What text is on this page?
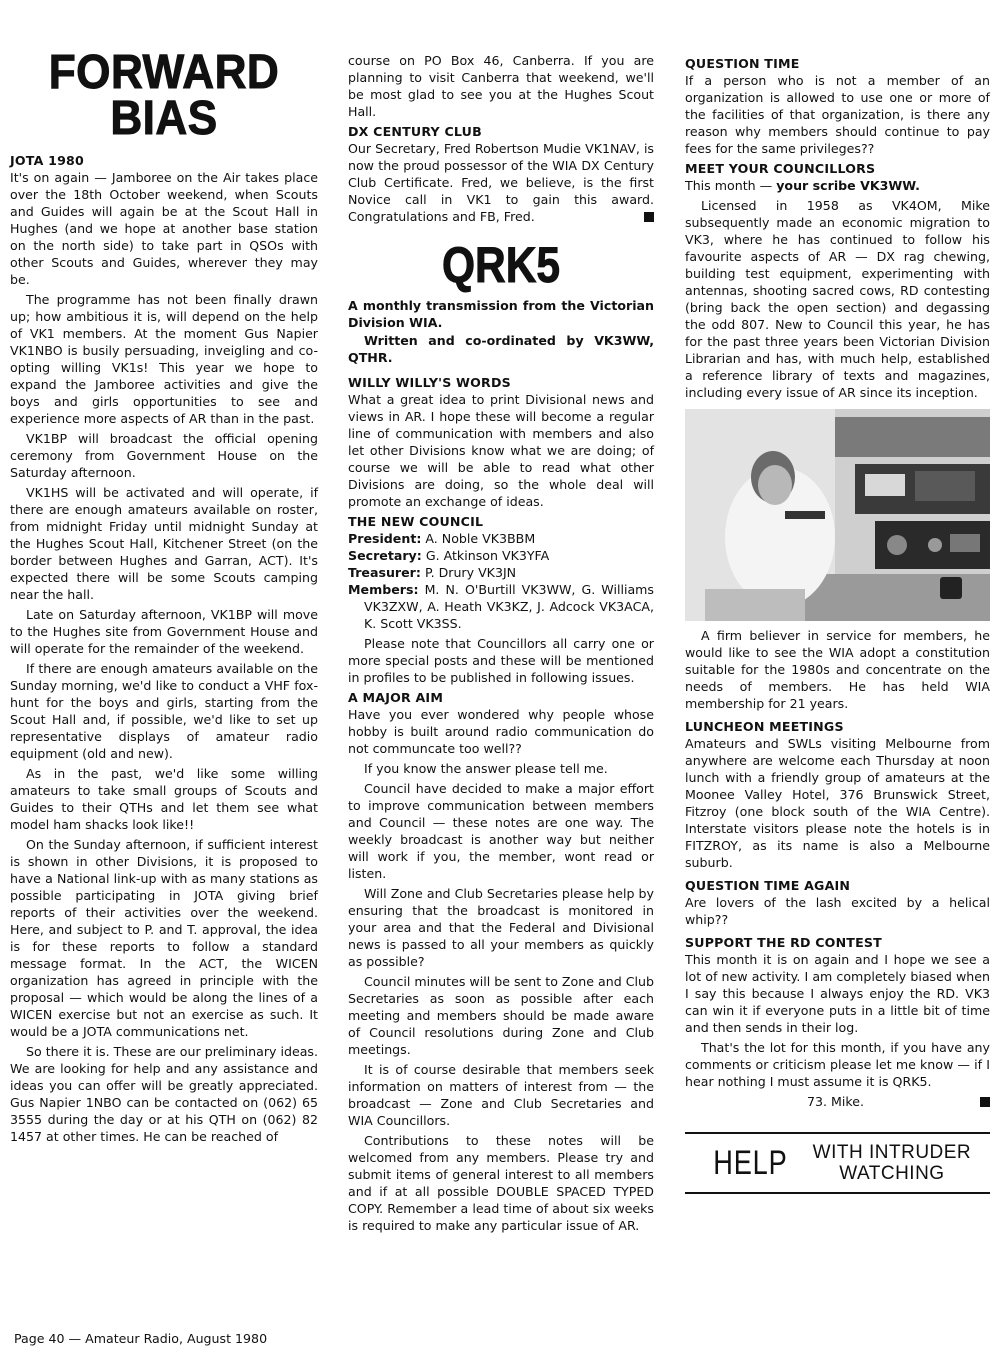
FORWARD
BIAS
JOTA 1980

It's on again — Jamboree on the Air takes place over the 18th October weekend, when Scouts and Guides will again be at the Scout Hall in Hughes (and we hope at another base station on the north side) to take part in QSOs with other Scouts and Guides, wherever they may be.

The programme has not been finally drawn up; how ambitious it is, will depend on the help of VK1 members. At the moment Gus Napier VK1NBO is busily persuading, inveigling and co-opting willing VK1s! This year we hope to expand the Jamboree activities and give the boys and girls opportunities to see and experience more aspects of AR than in the past.

VK1BP will broadcast the official opening ceremony from Government House on the Saturday afternoon.

VK1HS will be activated and will operate, if there are enough amateurs available on roster, from midnight Friday until midnight Sunday at the Hughes Scout Hall, Kitchener Street (on the border between Hughes and Garran, ACT). It's expected there will be some Scouts camping near the hall.

Late on Saturday afternoon, VK1BP will move to the Hughes site from Government House and will operate for the remainder of the weekend.

If there are enough amateurs available on the Sunday morning, we'd like to conduct a VHF fox-hunt for the boys and girls, starting from the Scout Hall and, if possible, we'd like to set up representative displays of amateur radio equipment (old and new).

As in the past, we'd like some willing amateurs to take small groups of Scouts and Guides to their QTHs and let them see what model ham shacks look like!!

On the Sunday afternoon, if sufficient interest is shown in other Divisions, it is proposed to have a National link-up with as many stations as possible participating in JOTA giving brief reports of their activities over the weekend. Here, and subject to P. and T. approval, the idea is for these reports to follow a standard message format. In the ACT, the WICEN organization has agreed in principle with the proposal — which would be along the lines of a WICEN exercise but not an exercise as such. It would be a JOTA communications net.

So there it is. These are our preliminary ideas. We are looking for help and any assistance and ideas you can offer will be greatly appreciated. Gus Napier 1NBO can be contacted on (062) 65 3555 during the day or at his QTH on (062) 82 1457 at other times. He can be reached of

course on PO Box 46, Canberra. If you are planning to visit Canberra that weekend, we'll be most glad to see you at the Hughes Scout Hall.

DX CENTURY CLUB

Our Secretary, Fred Robertson Mudie VK1NAV, is now the proud possessor of the WIA DX Century Club Certificate. Fred, we believe, is the first Novice call in VK1 to gain this award. Congratulations and FB, Fred.

QRK5
A monthly transmission from the Victorian Division WIA.
Written and co-ordinated by VK3WW, QTHR.
WILLY WILLY'S WORDS

What a great idea to print Divisional news and views in AR. I hope these will become a regular line of communication with members and also let other Divisions know what we are doing; of course we will be able to read what other Divisions are doing, so the whole deal will promote an exchange of ideas.

THE NEW COUNCIL
President: A. Noble VK3BBM
Secretary: G. Atkinson VK3YFA
Treasurer: P. Drury VK3JN
Members: M. N. O'Burtill VK3WW, G. Williams VK3ZXW, A. Heath VK3KZ, J. Adcock VK3ACA, K. Scott VK3SS.

Please note that Councillors all carry one or more special posts and these will be mentioned in profiles to be published in following issues.

A MAJOR AIM

Have you ever wondered why people whose hobby is built around radio communication do not communcate too well??

If you know the answer please tell me.

Council have decided to make a major effort to improve communication between members and Council — these notes are one way. The weekly broadcast is another way but neither will work if you, the member, wont read or listen.

Will Zone and Club Secretaries please help by ensuring that the broadcast is monitored in your area and that the Federal and Divisional news is passed to all your members as quickly as possible?

Council minutes will be sent to Zone and Club Secretaries as soon as possible after each meeting and members should be made aware of Council resolutions during Zone and Club meetings.

It is of course desirable that members seek information on matters of interest from — the broadcast — Zone and Club Secretaries and WIA Councillors.

Contributions to these notes will be welcomed from any members. Please try and submit items of general interest to all members and if at all possible DOUBLE SPACED TYPED COPY. Remember a lead time of about six weeks is required to make any particular issue of AR.

QUESTION TIME

If a person who is not a member of an organization is allowed to use one or more of the facilities of that organization, is there any reason why members should continue to pay fees for the same privileges??

MEET YOUR COUNCILLORS

This month — your scribe VK3WW.

Licensed in 1958 as VK4OM, Mike subsequently made an economic migration to VK3, where he has continued to follow his favourite aspects of AR — DX rag chewing, building test equipment, experimenting with antennas, shooting sacred cows, RD contesting (bring back the open section) and degassing the odd 807. New to Council this year, he has for the past three years been Victorian Division Librarian and has, with much help, established a reference library of texts and magazines, including every issue of AR since its inception.

A firm believer in service for members, he would like to see the WIA adopt a constitution suitable for the 1980s and concentrate on the needs of members. He has held WIA membership for 21 years.

LUNCHEON MEETINGS

Amateurs and SWLs visiting Melbourne from anywhere are welcome each Thursday at noon lunch with a friendly group of amateurs at the Moonee Valley Hotel, 376 Brunswick Street, Fitzroy (one block south of the WIA Centre). Interstate visitors please note the hotels is in FITZROY, as its name is also a Melbourne suburb.

QUESTION TIME AGAIN

Are lovers of the lash excited by a helical whip??

SUPPORT THE RD CONTEST

This month it is on again and I hope we see a lot of new activity. I am completely biased when I say this because I always enjoy the RD. VK3 can win it if everyone puts in a little bit of time and then sends in their log.

That's the lot for this month, if you have any comments or criticism please let me know — if I hear nothing I must assume it is QRK5.

73. Mike.
HELP WITH INTRUDER
WATCHING
Page 40 — Amateur Radio, August 1980
